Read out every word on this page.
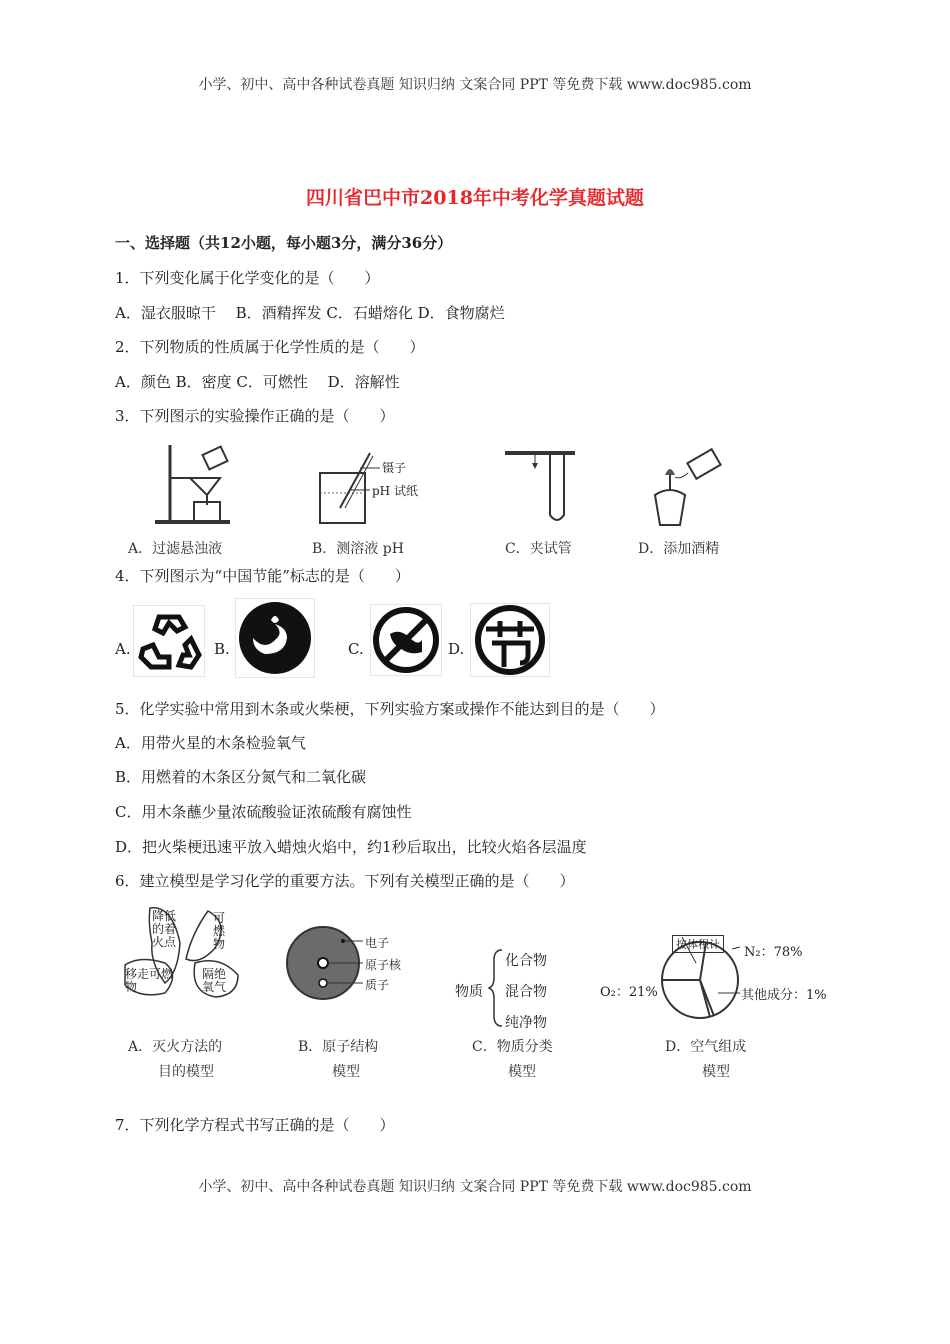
小学、初中、高中各种试卷真题 知识归纳 文案合同 PPT 等免费下载 www.doc985.com
四川省巴中市2018年中考化学真题试题
一、选择题（共12小题，每小题3分，满分36分）
1．下列变化属于化学变化的是（　　）
A．湿衣服晾干　 B．酒精挥发 C．石蜡熔化 D．食物腐烂
2．下列物质的性质属于化学性质的是（　　）
A．颜色 B．密度 C．可燃性　 D．溶解性
3．下列图示的实验操作正确的是（　　）
A．过滤悬浊液
镊子
pH 试纸
B．测溶液 pH	C．夹试管	D．添加酒精
4．下列图示为“中国节能”标志的是（　　）
A.	B.	C.	D.
5．化学实验中常用到木条或火柴梗，下列实验方案或操作不能达到目的是（　　）
A．用带火星的木条检验氧气
B．用燃着的木条区分氮气和二氧化碳
C．用木条蘸少量浓硫酸验证浓硫酸有腐蚀性
D．把火柴梗迅速平放入蜡烛火焰中，约1秒后取出，比较火焰各层温度
6．建立模型是学习化学的重要方法。下列有关模型正确的是（　　）
降低的着火点
可燃物
移走可燃物
隔绝氧气
A．灭火方法的
目的模型
电子
原子核
质子
B．原子结构
模型
物质
化合物
混合物
纯净物
C．物质分类
模型
按体积计
N₂：78%
O₂：21%	其他成分：1%
D．空气组成
模型
7．下列化学方程式书写正确的是（　　）
小学、初中、高中各种试卷真题 知识归纳 文案合同 PPT 等免费下载 www.doc985.com
